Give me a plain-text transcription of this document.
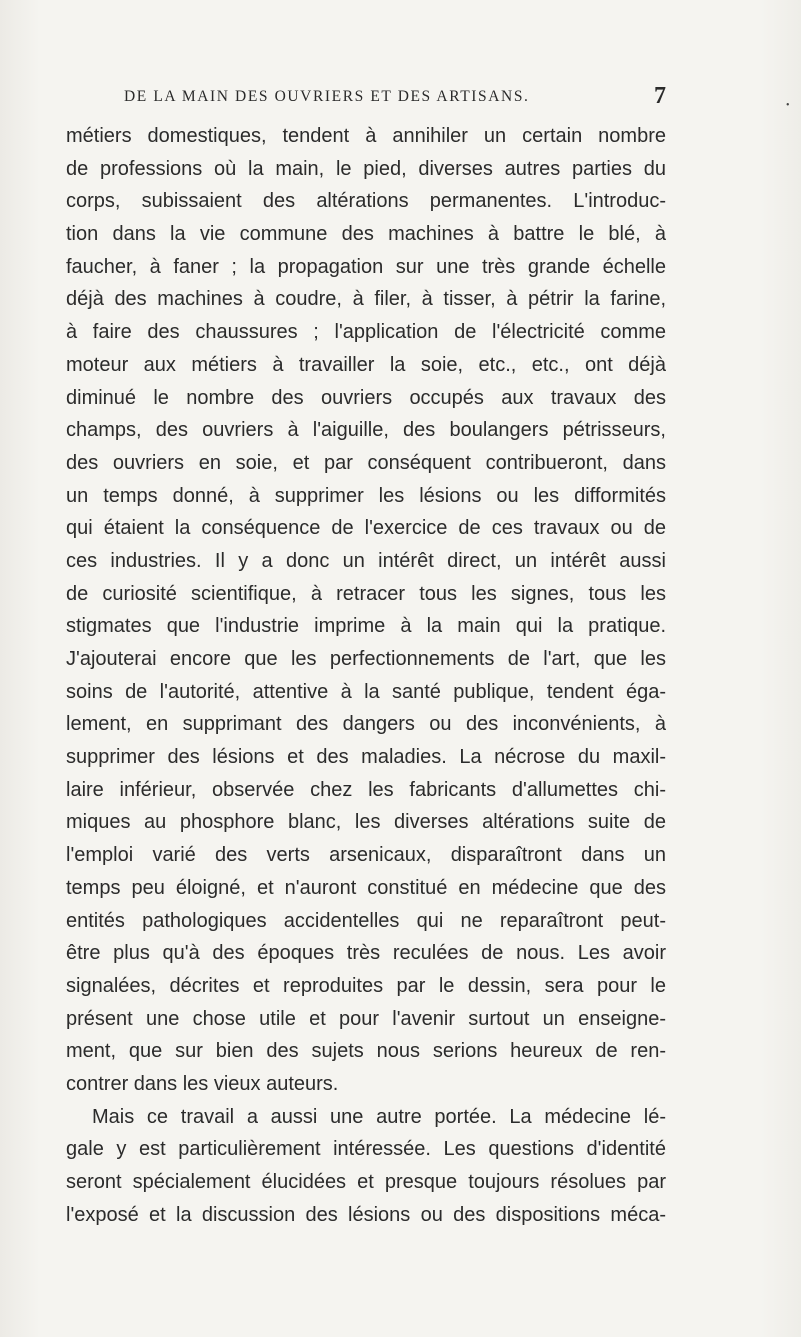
DE LA MAIN DES OUVRIERS ET DES ARTISANS.	7	•
métiers domestiques, tendent à annihiler un certain nombre
de professions où la main, le pied, diverses autres parties du
corps, subissaient des altérations permanentes. L'introduc-
tion dans la vie commune des machines à battre le blé, à
faucher, à faner ; la propagation sur une très grande échelle
déjà des machines à coudre, à filer, à tisser, à pétrir la farine,
à faire des chaussures ; l'application de l'électricité comme
moteur aux métiers à travailler la soie, etc., etc., ont déjà
diminué le nombre des ouvriers occupés aux travaux des
champs, des ouvriers à l'aiguille, des boulangers pétrisseurs,
des ouvriers en soie, et par conséquent contribueront, dans
un temps donné, à supprimer les lésions ou les difformités
qui étaient la conséquence de l'exercice de ces travaux ou de
ces industries. Il y a donc un intérêt direct, un intérêt aussi
de curiosité scientifique, à retracer tous les signes, tous les
stigmates que l'industrie imprime à la main qui la pratique.
J'ajouterai encore que les perfectionnements de l'art, que les
soins de l'autorité, attentive à la santé publique, tendent éga-
lement, en supprimant des dangers ou des inconvénients, à
supprimer des lésions et des maladies. La nécrose du maxil-
laire inférieur, observée chez les fabricants d'allumettes chi-
miques au phosphore blanc, les diverses altérations suite de
l'emploi varié des verts arsenicaux, disparaîtront dans un
temps peu éloigné, et n'auront constitué en médecine que des
entités pathologiques accidentelles qui ne reparaîtront peut-
être plus qu'à des époques très reculées de nous. Les avoir
signalées, décrites et reproduites par le dessin, sera pour le
présent une chose utile et pour l'avenir surtout un enseigne-
ment, que sur bien des sujets nous serions heureux de ren-
contrer dans les vieux auteurs.
Mais ce travail a aussi une autre portée. La médecine lé-
gale y est particulièrement intéressée. Les questions d'identité
seront spécialement élucidées et presque toujours résolues par
l'exposé et la discussion des lésions ou des dispositions méca-
